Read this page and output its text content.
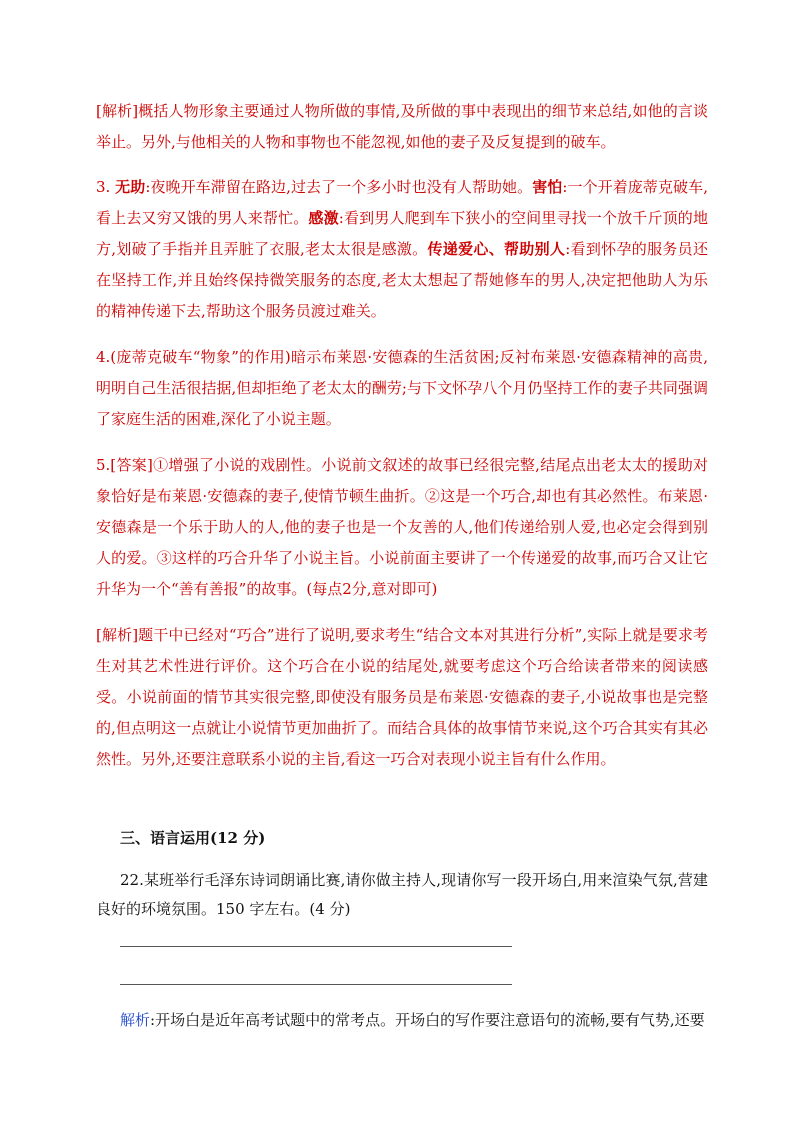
[解析]概括人物形象主要通过人物所做的事情,及所做的事中表现出的细节来总结,如他的言谈举止。另外,与他相关的人物和事物也不能忽视,如他的妻子及反复提到的破车。

3. 无助:夜晚开车滞留在路边,过去了一个多小时也没有人帮助她。害怕:一个开着庞蒂克破车,看上去又穷又饿的男人来帮忙。感激:看到男人爬到车下狭小的空间里寻找一个放千斤顶的地方,划破了手指并且弄脏了衣服,老太太很是感激。传递爱心、帮助别人:看到怀孕的服务员还在坚持工作,并且始终保持微笑服务的态度,老太太想起了帮她修车的男人,决定把他助人为乐的精神传递下去,帮助这个服务员渡过难关。

4.(庞蒂克破车“物象”的作用)暗示布莱恩·安德森的生活贫困;反衬布莱恩·安德森精神的高贵,明明自己生活很拮据,但却拒绝了老太太的酬劳;与下文怀孕八个月仍坚持工作的妻子共同强调了家庭生活的困难,深化了小说主题。

5.[答案]①增强了小说的戏剧性。小说前文叙述的故事已经很完整,结尾点出老太太的援助对象恰好是布莱恩·安德森的妻子,使情节顿生曲折。②这是一个巧合,却也有其必然性。布莱恩·安德森是一个乐于助人的人,他的妻子也是一个友善的人,他们传递给别人爱,也必定会得到别人的爱。③这样的巧合升华了小说主旨。小说前面主要讲了一个传递爱的故事,而巧合又让它升华为一个“善有善报”的故事。(每点2分,意对即可)

[解析]题干中已经对“巧合”进行了说明,要求考生“结合文本对其进行分析”,实际上就是要求考生对其艺术性进行评价。这个巧合在小说的结尾处,就要考虑这个巧合给读者带来的阅读感受。小说前面的情节其实很完整,即使没有服务员是布莱恩·安德森的妻子,小说故事也是完整的,但点明这一点就让小说情节更加曲折了。而结合具体的故事情节来说,这个巧合其实有其必然性。另外,还要注意联系小说的主旨,看这一巧合对表现小说主旨有什么作用。

三、语言运用(12 分)

22.某班举行毛泽东诗词朗诵比赛,请你做主持人,现请你写一段开场白,用来渲染气氛,营建良好的环境氛围。150 字左右。(4 分)

解析:开场白是近年高考试题中的常考点。开场白的写作要注意语句的流畅,要有气势,还要
